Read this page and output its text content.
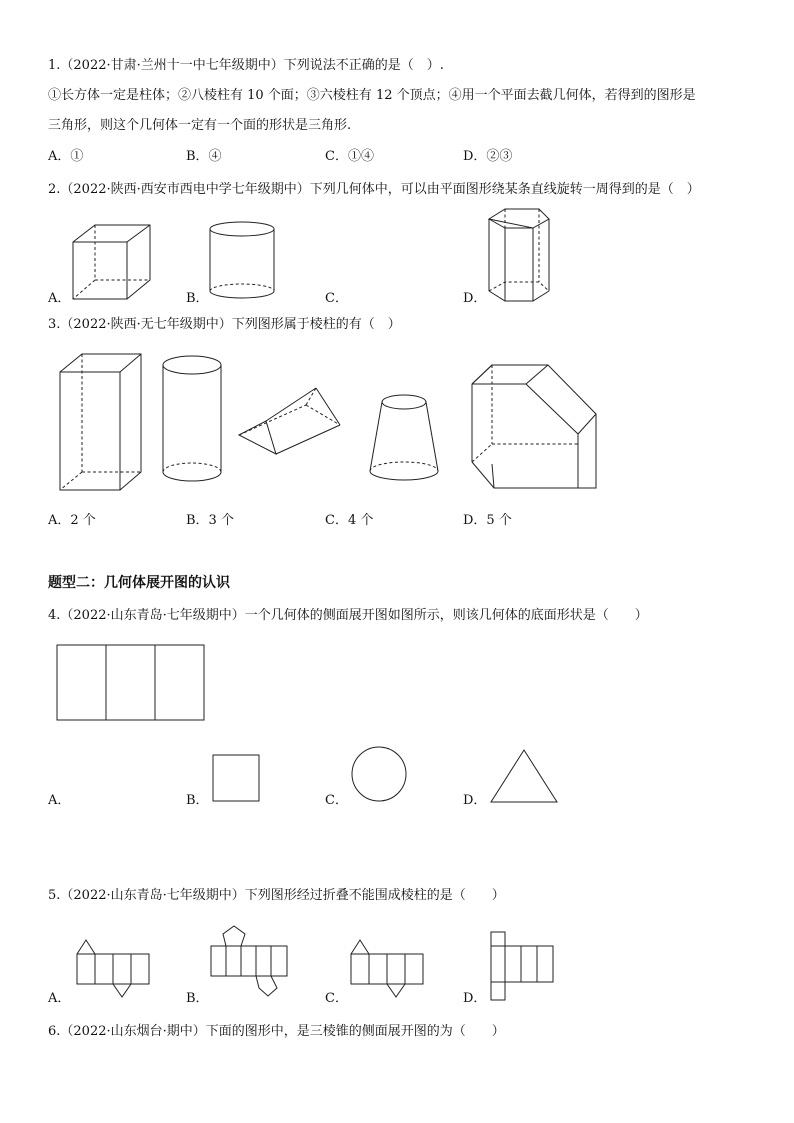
1.（2022·甘肃·兰州十一中七年级期中）下列说法不正确的是（　）.
①长方体一定是柱体；②八棱柱有 10 个面；③六棱柱有 12 个顶点；④用一个平面去截几何体，若得到的图形是
三角形，则这个几何体一定有一个面的形状是三角形.
A．①	B．④	C．①④	D．②③
2.（2022·陕西·西安市西电中学七年级期中）下列几何体中，可以由平面图形绕某条直线旋转一周得到的是（　）
A．	B．	C．	D．
3.（2022·陕西·无七年级期中）下列图形属于棱柱的有（　）
A．2 个	B．3 个	C．4 个	D．5 个
题型二：几何体展开图的认识
4.（2022·山东青岛·七年级期中）一个几何体的侧面展开图如图所示，则该几何体的底面形状是（　　）
A．	B．	C．	D．
5.（2022·山东青岛·七年级期中）下列图形经过折叠不能围成棱柱的是（　　）
A．	B．	C．	D．
6.（2022·山东烟台·期中）下面的图形中，是三棱锥的侧面展开图的为（　　）
